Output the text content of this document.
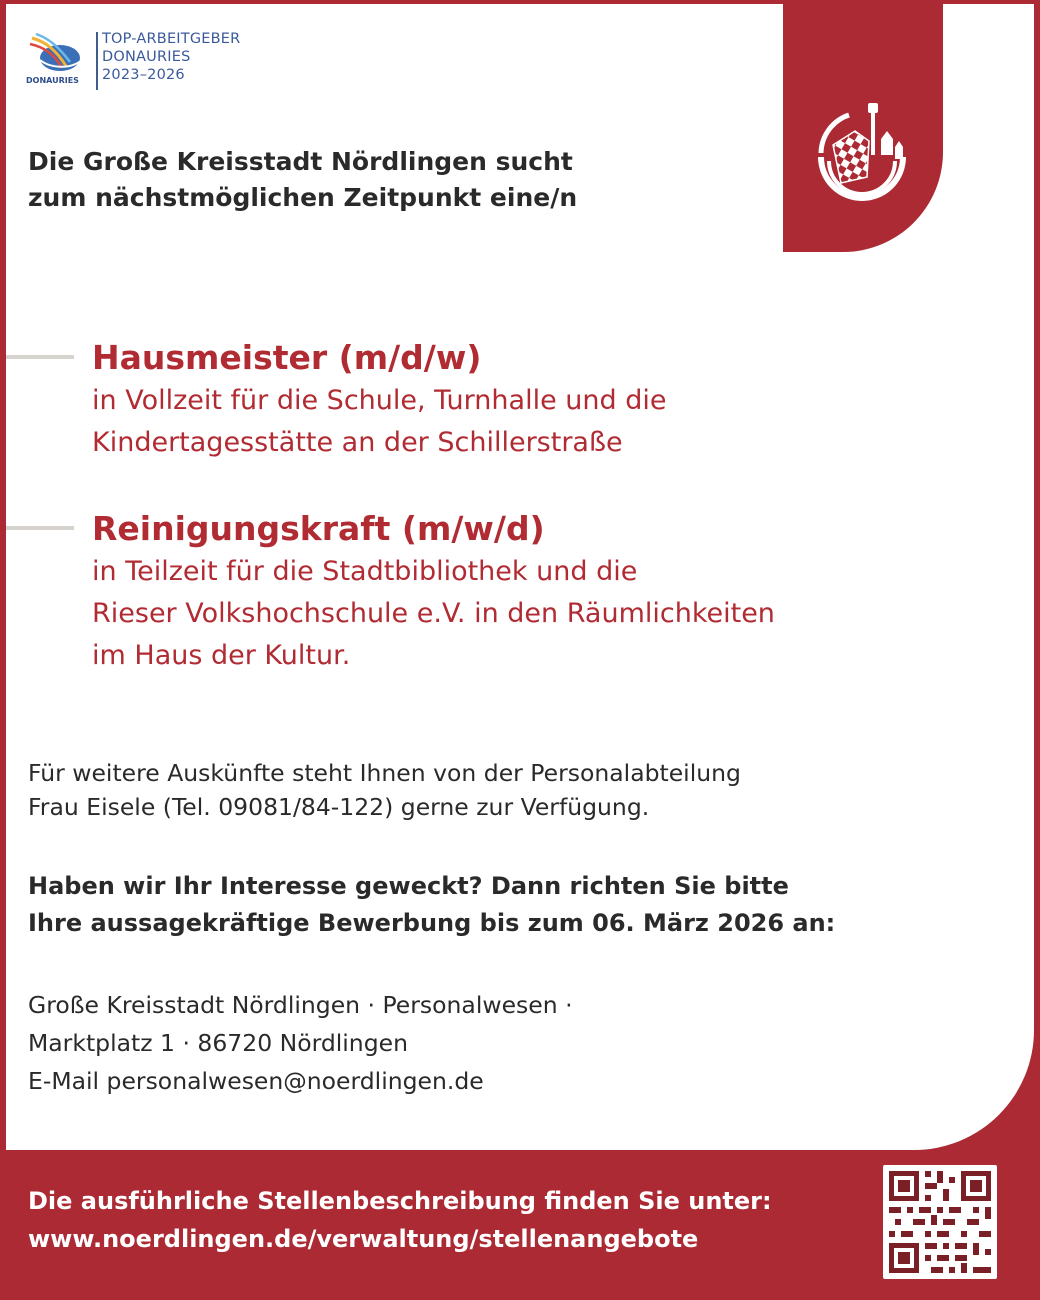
DONAURIES
TOP-ARBEITGEBER
DONAURIES
2023–2026
Die Große Kreisstadt Nördlingen sucht
zum nächstmöglichen Zeitpunkt eine/n
Hausmeister (m/d/w)
in Vollzeit für die Schule, Turnhalle und die
Kindertagesstätte an der Schillerstraße
Reinigungskraft (m/w/d)
in Teilzeit für die Stadtbibliothek und die
Rieser Volkshochschule e.V. in den Räumlichkeiten
im Haus der Kultur.
Für weitere Auskünfte steht Ihnen von der Personalabteilung
Frau Eisele (Tel. 09081/84-122) gerne zur Verfügung.
Haben wir Ihr Interesse geweckt? Dann richten Sie bitte
Ihre aussagekräftige Bewerbung bis zum 06. März 2026 an:
Große Kreisstadt Nördlingen · Personalwesen ·
Marktplatz 1 · 86720 Nördlingen
E-Mail personalwesen@noerdlingen.de
Die ausführliche Stellenbeschreibung finden Sie unter:
www.noerdlingen.de/verwaltung/stellenangebote
